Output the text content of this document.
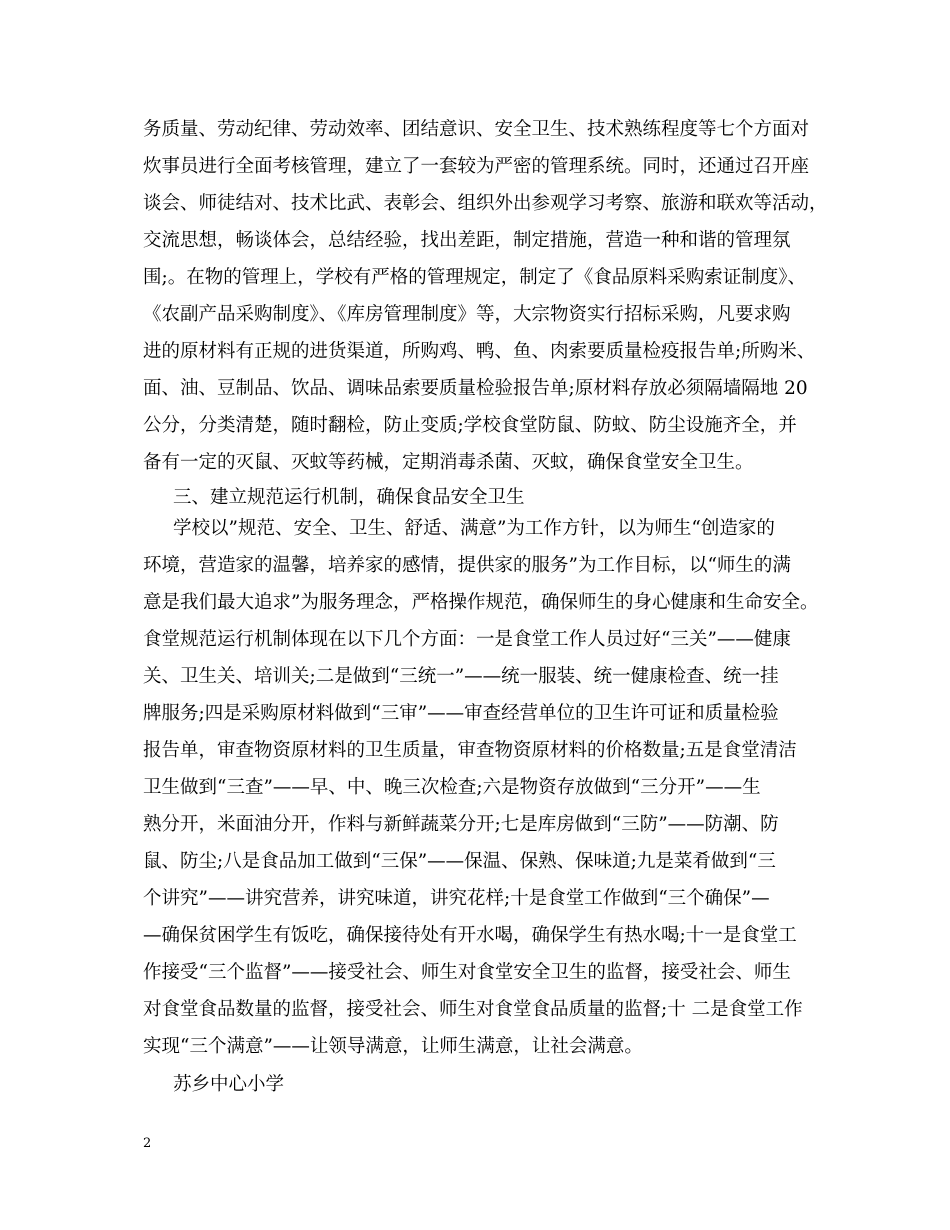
务质量、劳动纪律、劳动效率、团结意识、安全卫生、技术熟练程度等七个方面对
炊事员进行全面考核管理，建立了一套较为严密的管理系统。同时，还通过召开座
谈会、师徒结对、技术比武、表彰会、组织外出参观学习考察、旅游和联欢等活动，
交流思想，畅谈体会，总结经验，找出差距，制定措施，营造一种和谐的管理氛
围;。在物的管理上，学校有严格的管理规定，制定了《食品原料采购索证制度》、
《农副产品采购制度》、《库房管理制度》等，大宗物资实行招标采购，凡要求购
进的原材料有正规的进货渠道，所购鸡、鸭、鱼、肉索要质量检疫报告单;所购米、
面、油、豆制品、饮品、调味品索要质量检验报告单;原材料存放必须隔墙隔地 20
公分，分类清楚，随时翻检，防止变质;学校食堂防鼠、防蚊、防尘设施齐全，并
备有一定的灭鼠、灭蚊等药械，定期消毒杀菌、灭蚊，确保食堂安全卫生。
三、建立规范运行机制，确保食品安全卫生
学校以”规范、安全、卫生、舒适、满意”为工作方针，以为师生“创造家的
环境，营造家的温馨，培养家的感情，提供家的服务”为工作目标，以“师生的满
意是我们最大追求”为服务理念，严格操作规范，确保师生的身心健康和生命安全。
食堂规范运行机制体现在以下几个方面：一是食堂工作人员过好“三关”——健康
关、卫生关、培训关;二是做到“三统一”——统一服装、统一健康检查、统一挂
牌服务;四是采购原材料做到“三审”——审查经营单位的卫生许可证和质量检验
报告单，审查物资原材料的卫生质量，审查物资原材料的价格数量;五是食堂清洁
卫生做到“三查”——早、中、晚三次检查;六是物资存放做到“三分开”——生
熟分开，米面油分开，作料与新鲜蔬菜分开;七是库房做到“三防”——防潮、防
鼠、防尘;八是食品加工做到“三保”——保温、保熟、保味道;九是菜肴做到“三
个讲究”——讲究营养，讲究味道，讲究花样;十是食堂工作做到“三个确保”—
—确保贫困学生有饭吃，确保接待处有开水喝，确保学生有热水喝;十一是食堂工
作接受“三个监督”——接受社会、师生对食堂安全卫生的监督，接受社会、师生
对食堂食品数量的监督，接受社会、师生对食堂食品质量的监督;十 二是食堂工作
实现“三个满意”——让领导满意，让师生满意，让社会满意。
苏乡中心小学
2
